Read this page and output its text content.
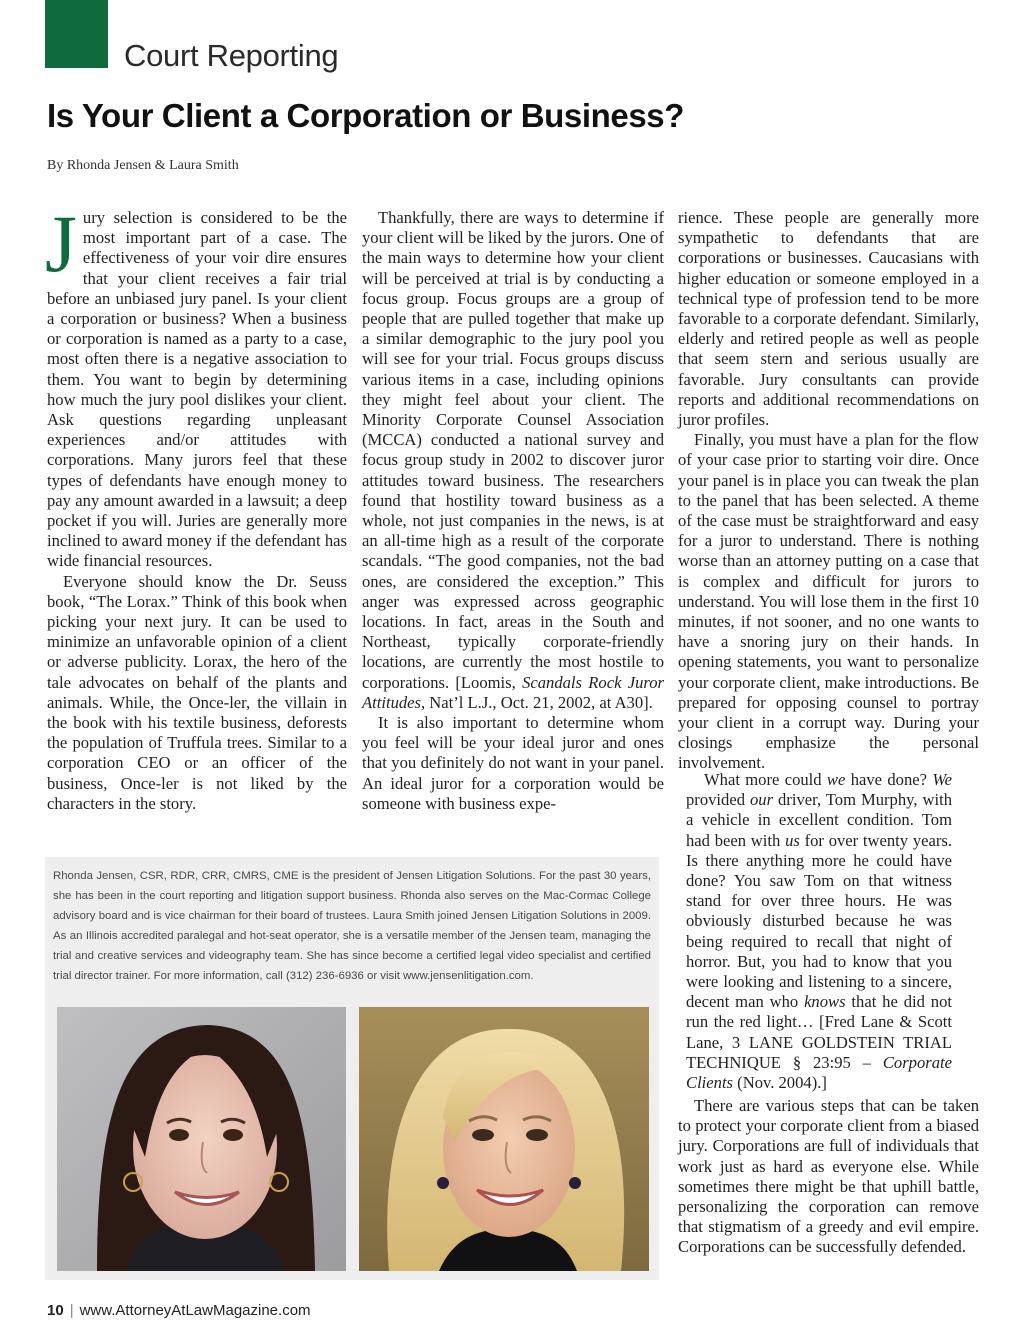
Court Reporting
Is Your Client a Corporation or Business?
By Rhonda Jensen & Laura Smith

Jury selection is considered to be the most important part of a case. The effectiveness of your voir dire ensures that your client receives a fair trial before an unbiased jury panel. Is your client a corporation or business? When a business or corporation is named as a party to a case, most often there is a negative association to them. You want to begin by determining how much the jury pool dislikes your client. Ask questions regarding unpleasant experiences and/or attitudes with corporations. Many jurors feel that these types of defendants have enough money to pay any amount awarded in a lawsuit; a deep pocket if you will. Juries are generally more inclined to award money if the defendant has wide financial resources.

Everyone should know the Dr. Seuss book, “The Lorax.” Think of this book when picking your next jury. It can be used to minimize an unfavorable opinion of a client or adverse publicity. Lorax, the hero of the tale advocates on behalf of the plants and animals. While, the Once-ler, the villain in the book with his textile business, deforests the population of Truffula trees. Similar to a corporation CEO or an officer of the business, Once-ler is not liked by the characters in the story.

Thankfully, there are ways to determine if your client will be liked by the jurors. One of the main ways to determine how your client will be perceived at trial is by conducting a focus group. Focus groups are a group of people that are pulled together that make up a similar demographic to the jury pool you will see for your trial. Focus groups discuss various items in a case, including opinions they might feel about your client. The Minority Corporate Counsel Association (MCCA) conducted a national survey and focus group study in 2002 to discover juror attitudes toward business. The researchers found that hostility toward business as a whole, not just companies in the news, is at an all-time high as a result of the corporate scandals. “The good companies, not the bad ones, are considered the exception.” This anger was expressed across geographic locations. In fact, areas in the South and Northeast, typically corporate-friendly locations, are currently the most hostile to corporations. [Loomis, Scandals Rock Juror Attitudes, Nat’l L.J., Oct. 21, 2002, at A30].

It is also important to determine whom you feel will be your ideal juror and ones that you definitely do not want in your panel. An ideal juror for a corporation would be someone with business expe-

rience. These people are generally more sympathetic to defendants that are corporations or businesses. Caucasians with higher education or someone employed in a technical type of profession tend to be more favorable to a corporate defendant. Similarly, elderly and retired people as well as people that seem stern and serious usually are favorable. Jury consultants can provide reports and additional recommendations on juror profiles.

Finally, you must have a plan for the flow of your case prior to starting voir dire. Once your panel is in place you can tweak the plan to the panel that has been selected. A theme of the case must be straightforward and easy for a juror to understand. There is nothing worse than an attorney putting on a case that is complex and difficult for jurors to understand. You will lose them in the first 10 minutes, if not sooner, and no one wants to have a snoring jury on their hands. In opening statements, you want to personalize your corporate client, make introductions. Be prepared for opposing counsel to portray your client in a corrupt way. During your closings emphasize the personal involvement.

What more could we have done? We provided our driver, Tom Murphy, with a vehicle in excellent condition. Tom had been with us for over twenty years. Is there anything more he could have done? You saw Tom on that witness stand for over three hours. He was obviously disturbed because he was being required to recall that night of horror. But, you had to know that you were looking and listening to a sincere, decent man who knows that he did not run the red light… [Fred Lane & Scott Lane, 3 LANE GOLDSTEIN TRIAL TECHNIQUE § 23:95 – Corporate Clients (Nov. 2004).]

There are various steps that can be taken to protect your corporate client from a biased jury. Corporations are full of individuals that work just as hard as everyone else. While sometimes there might be that uphill battle, personalizing the corporation can remove that stigmatism of a greedy and evil empire. Corporations can be successfully defended.

Rhonda Jensen, CSR, RDR, CRR, CMRS, CME is the president of Jensen Litigation Solutions. For the past 30 years, she has been in the court reporting and litigation support business. Rhonda also serves on the Mac-Cormac College advisory board and is vice chairman for their board of trustees. Laura Smith joined Jensen Litigation Solutions in 2009. As an Illinois accredited paralegal and hot-seat operator, she is a versatile member of the Jensen team, managing the trial and creative services and videography team. She has since become a certified legal video specialist and certified trial director trainer. For more information, call (312) 236-6936 or visit www.jensenlitigation.com.
10 | www.AttorneyAtLawMagazine.com
